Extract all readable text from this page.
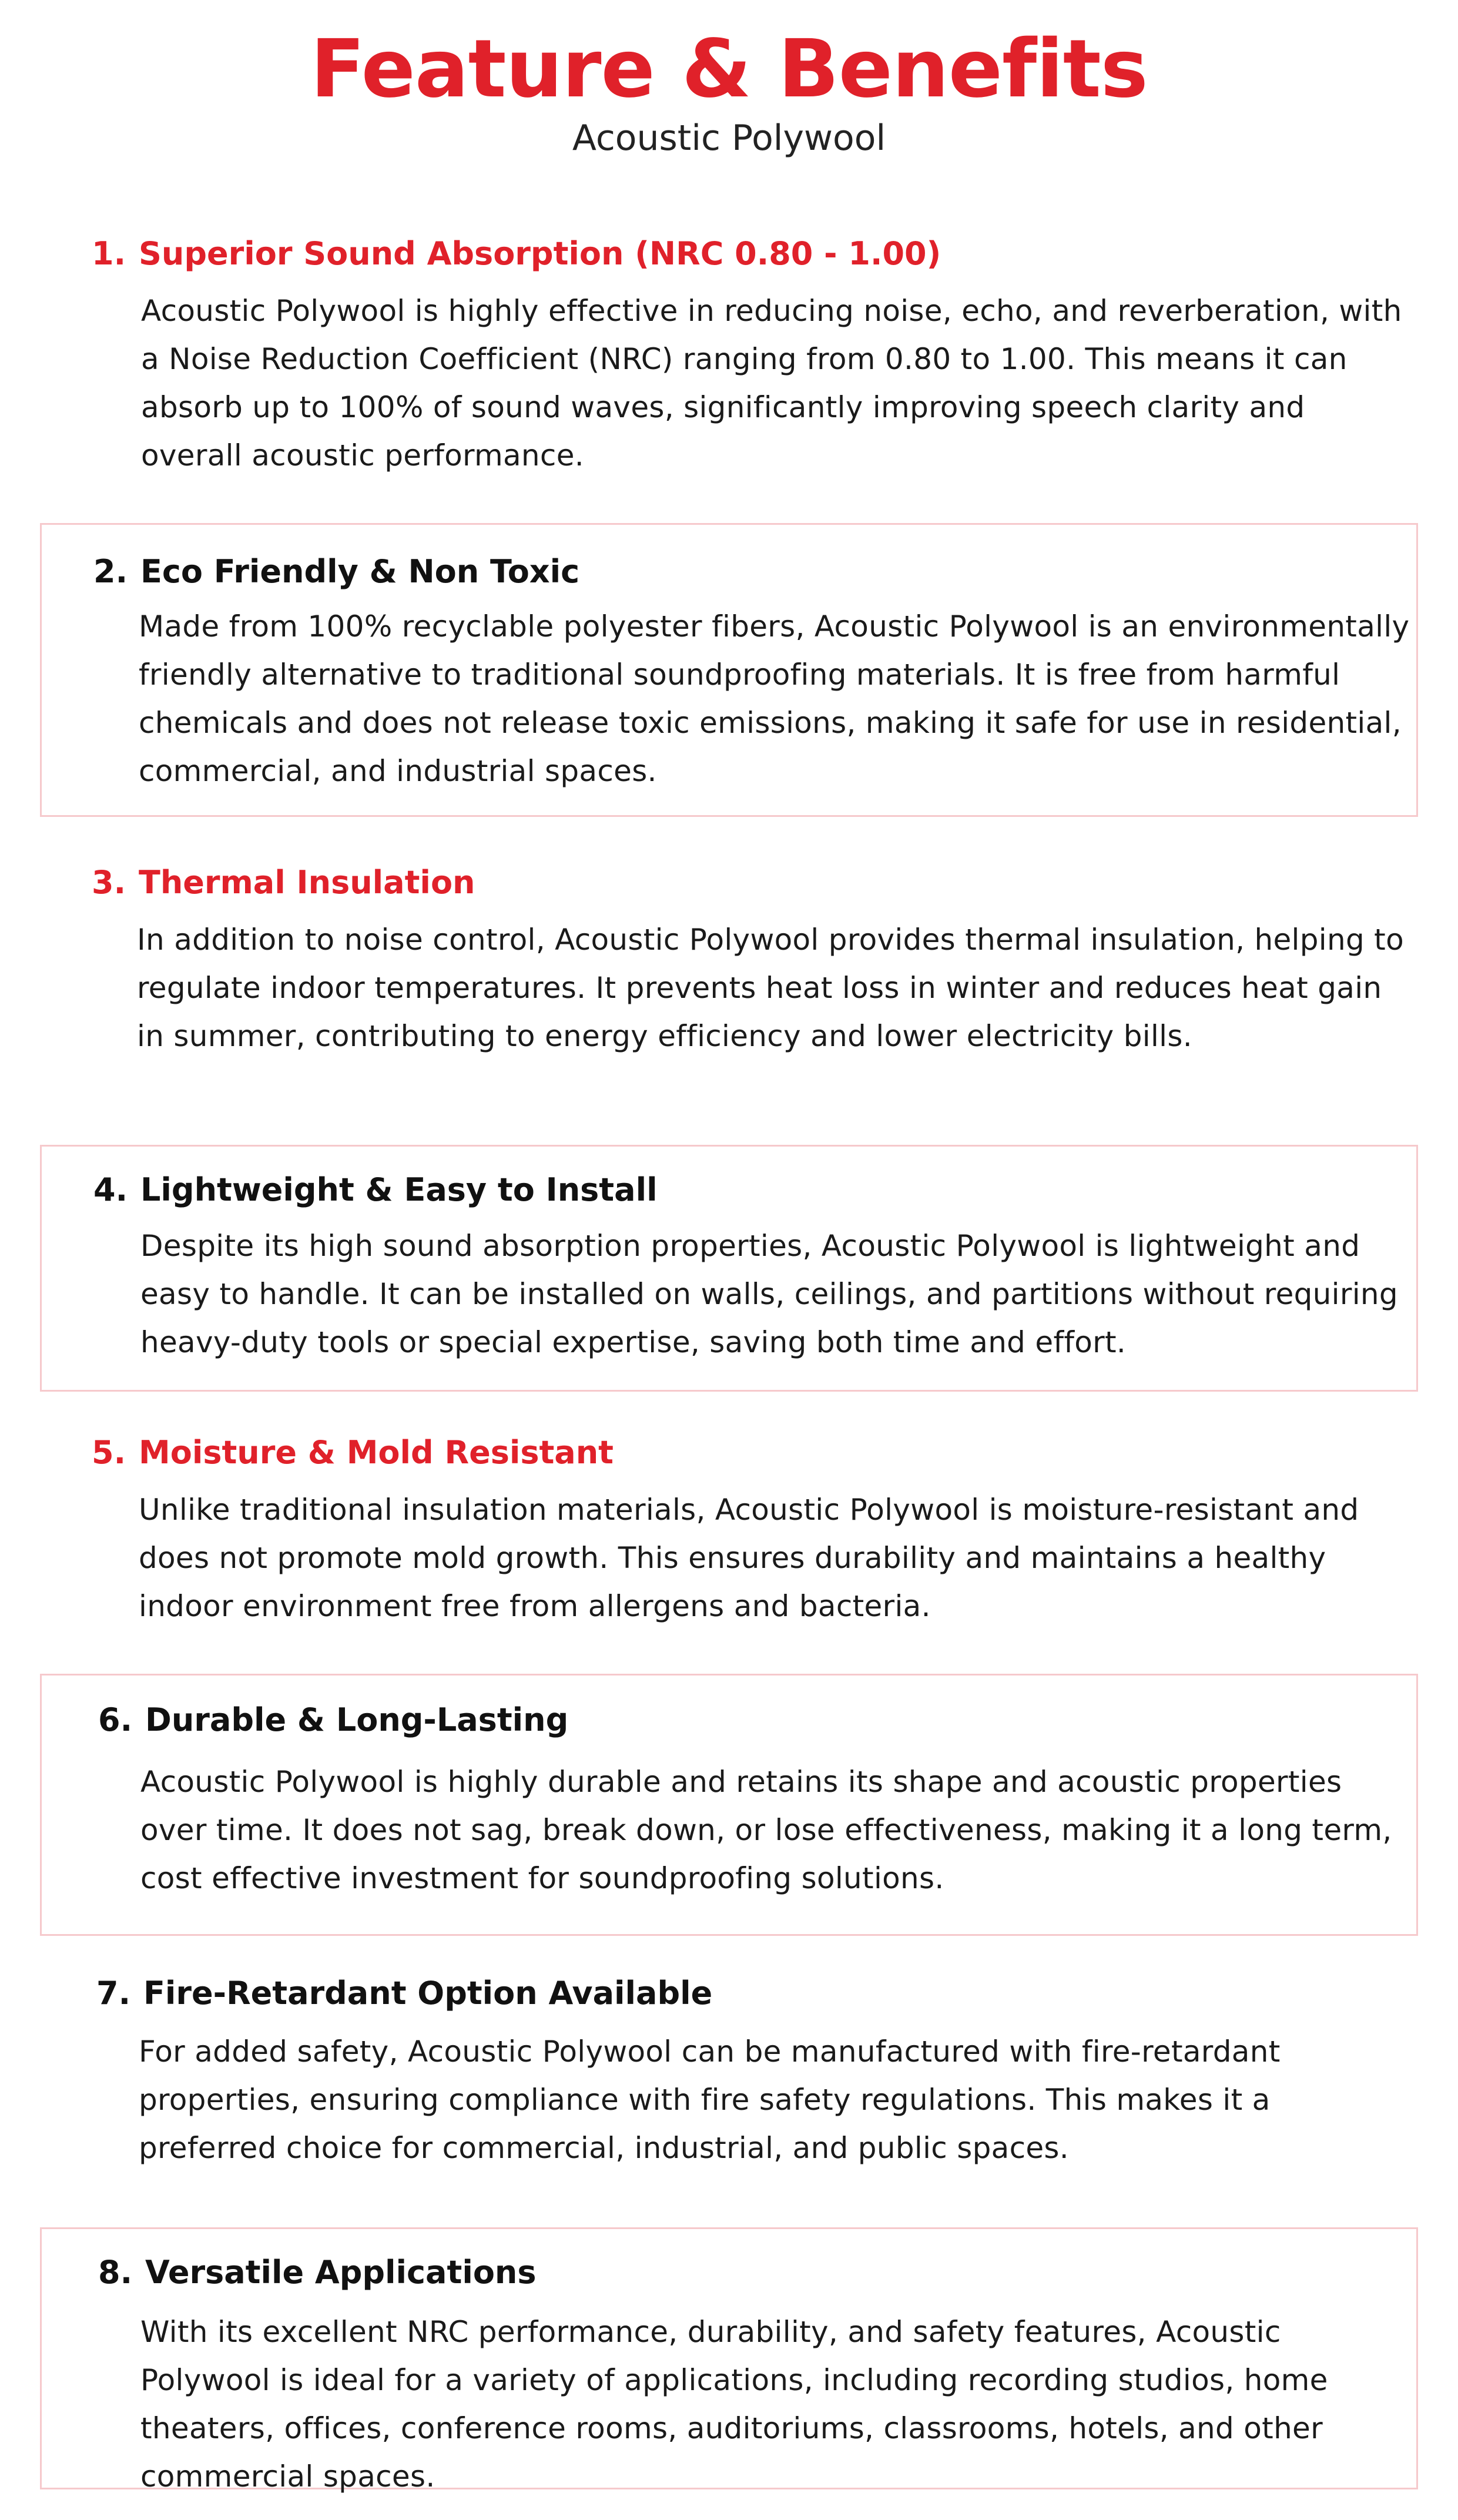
Feature & Benefits
Acoustic Polywool
1. Superior Sound Absorption (NRC 0.80 - 1.00)
Acoustic Polywool is highly effective in reducing noise, echo, and reverberation, with a Noise Reduction Coefficient (NRC) ranging from 0.80 to 1.00. This means it can absorb up to 100% of sound waves, significantly improving speech clarity and overall acoustic performance.
2. Eco Friendly & Non Toxic
Made from 100% recyclable polyester fibers, Acoustic Polywool is an environmentally friendly alternative to traditional soundproofing materials. It is free from harmful chemicals and does not release toxic emissions, making it safe for use in residential, commercial, and industrial spaces.
3. Thermal Insulation
In addition to noise control, Acoustic Polywool provides thermal insulation, helping to regulate indoor temperatures. It prevents heat loss in winter and reduces heat gain in summer, contributing to energy efficiency and lower electricity bills.
4. Lightweight & Easy to Install
Despite its high sound absorption properties, Acoustic Polywool is lightweight and easy to handle. It can be installed on walls, ceilings, and partitions without requiring heavy-duty tools or special expertise, saving both time and effort.
5. Moisture & Mold Resistant
Unlike traditional insulation materials, Acoustic Polywool is moisture-resistant and does not promote mold growth. This ensures durability and maintains a healthy indoor environment free from allergens and bacteria.
6. Durable & Long-Lasting
Acoustic Polywool is highly durable and retains its shape and acoustic properties over time. It does not sag, break down, or lose effectiveness, making it a long term, cost effective investment for soundproofing solutions.
7. Fire-Retardant Option Available
For added safety, Acoustic Polywool can be manufactured with fire-retardant properties, ensuring compliance with fire safety regulations. This makes it a preferred choice for commercial, industrial, and public spaces.
8. Versatile Applications
With its excellent NRC performance, durability, and safety features, Acoustic Polywool is ideal for a variety of applications, including recording studios, home theaters, offices, conference rooms, auditoriums, classrooms, hotels, and other commercial spaces.
